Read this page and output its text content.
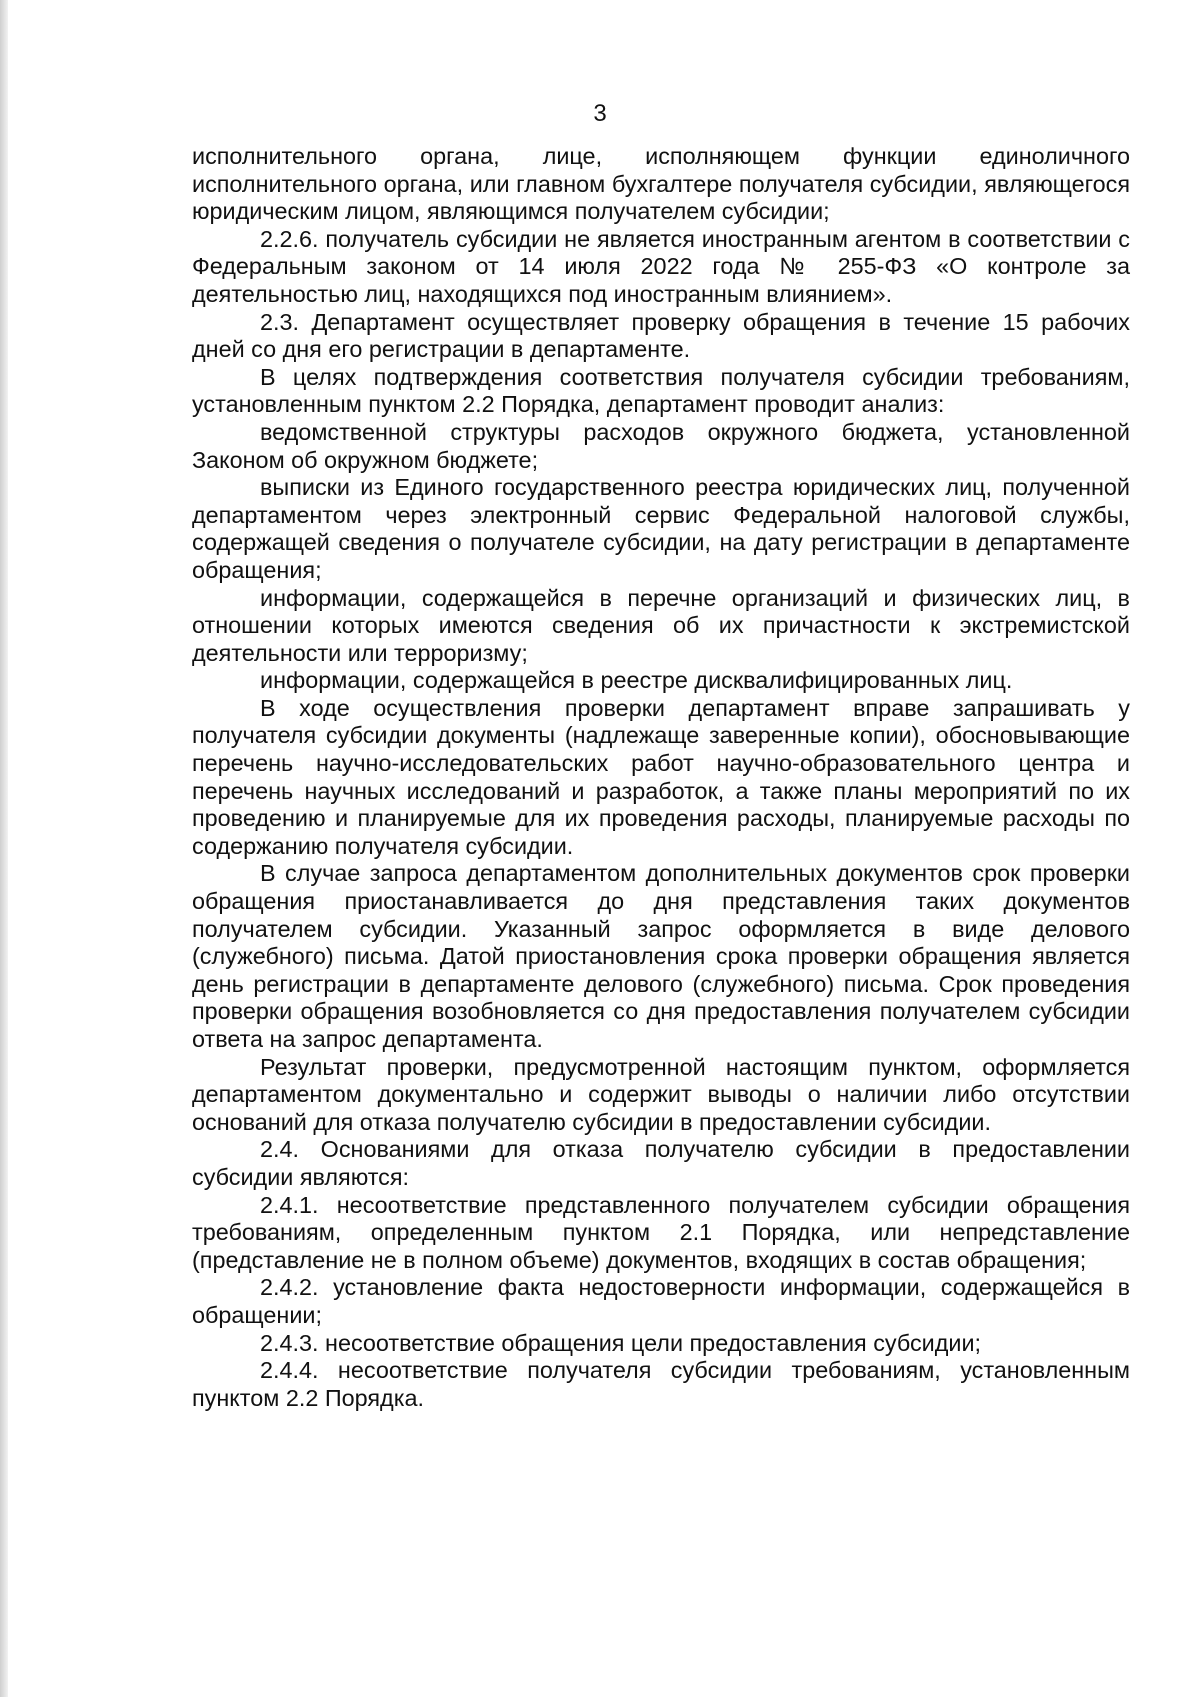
3

исполнительного органа, лице, исполняющем функции единоличного исполнительного органа, или главном бухгалтере получателя субсидии, являющегося юридическим лицом, являющимся получателем субсидии;

2.2.6. получатель субсидии не является иностранным агентом в соответствии с Федеральным законом от 14 июля 2022 года № 255-ФЗ «О контроле за деятельностью лиц, находящихся под иностранным влиянием».

2.3. Департамент осуществляет проверку обращения в течение 15 рабочих дней со дня его регистрации в департаменте.

В целях подтверждения соответствия получателя субсидии требованиям, установленным пунктом 2.2 Порядка, департамент проводит анализ:

ведомственной структуры расходов окружного бюджета, установленной Законом об окружном бюджете;

выписки из Единого государственного реестра юридических лиц, полученной департаментом через электронный сервис Федеральной налоговой службы, содержащей сведения о получателе субсидии, на дату регистрации в департаменте обращения;

информации, содержащейся в перечне организаций и физических лиц, в отношении которых имеются сведения об их причастности к экстремистской деятельности или терроризму;

информации, содержащейся в реестре дисквалифицированных лиц.

В ходе осуществления проверки департамент вправе запрашивать у получателя субсидии документы (надлежаще заверенные копии), обосновывающие перечень научно-исследовательских работ научно-образовательного центра и перечень научных исследований и разработок, а также планы мероприятий по их проведению и планируемые для их проведения расходы, планируемые расходы по содержанию получателя субсидии.

В случае запроса департаментом дополнительных документов срок проверки обращения приостанавливается до дня представления таких документов получателем субсидии. Указанный запрос оформляется в виде делового (служебного) письма. Датой приостановления срока проверки обращения является день регистрации в департаменте делового (служебного) письма. Срок проведения проверки обращения возобновляется со дня предоставления получателем субсидии ответа на запрос департамента.

Результат проверки, предусмотренной настоящим пунктом, оформляется департаментом документально и содержит выводы о наличии либо отсутствии оснований для отказа получателю субсидии в предоставлении субсидии.

2.4. Основаниями для отказа получателю субсидии в предоставлении субсидии являются:

2.4.1. несоответствие представленного получателем субсидии обращения требованиям, определенным пунктом 2.1 Порядка, или непредставление (представление не в полном объеме) документов, входящих в состав обращения;

2.4.2. установление факта недостоверности информации, содержащейся в обращении;

2.4.3. несоответствие обращения цели предоставления субсидии;

2.4.4. несоответствие получателя субсидии требованиям, установленным пунктом 2.2 Порядка.
